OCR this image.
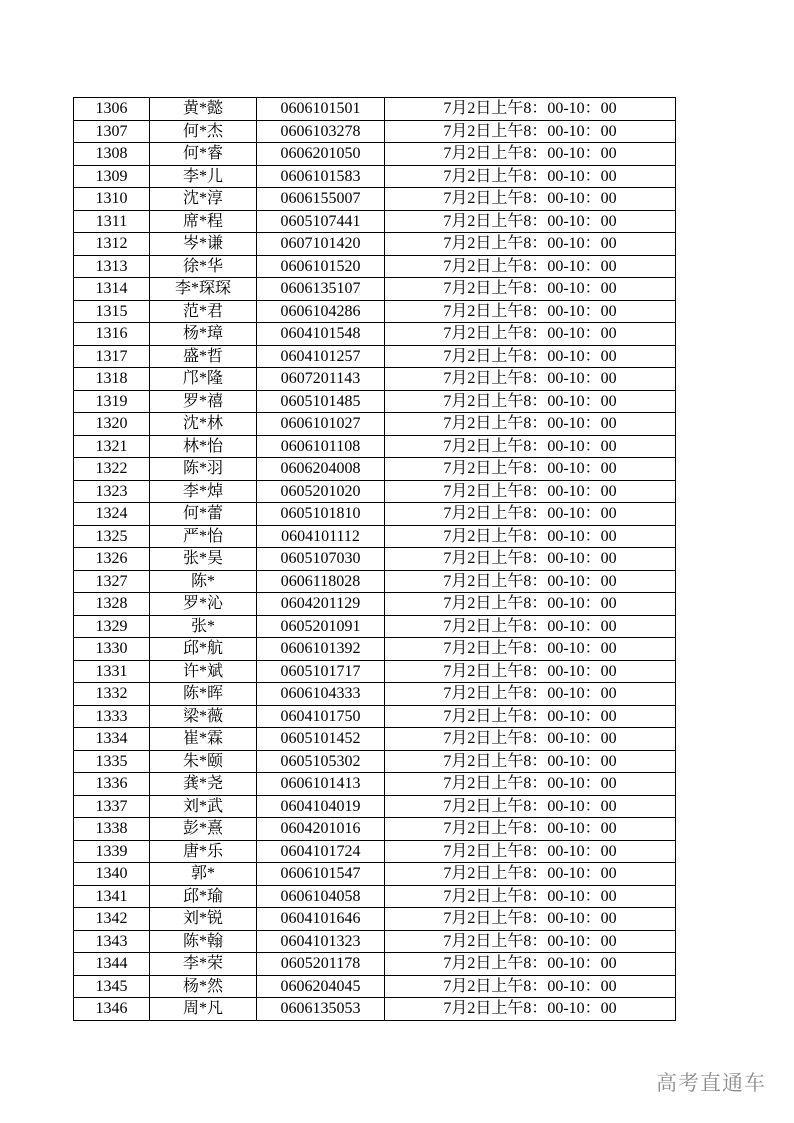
1306	黄*懿	0606101501	7月2日上午8：00-10：00
1307	何*杰	0606103278	7月2日上午8：00-10：00
1308	何*睿	0606201050	7月2日上午8：00-10：00
1309	李*儿	0606101583	7月2日上午8：00-10：00
1310	沈*淳	0606155007	7月2日上午8：00-10：00
1311	席*程	0605107441	7月2日上午8：00-10：00
1312	岑*谦	0607101420	7月2日上午8：00-10：00
1313	徐*华	0606101520	7月2日上午8：00-10：00
1314	李*琛琛	0606135107	7月2日上午8：00-10：00
1315	范*君	0606104286	7月2日上午8：00-10：00
1316	杨*璋	0604101548	7月2日上午8：00-10：00
1317	盛*哲	0604101257	7月2日上午8：00-10：00
1318	邝*隆	0607201143	7月2日上午8：00-10：00
1319	罗*禧	0605101485	7月2日上午8：00-10：00
1320	沈*林	0606101027	7月2日上午8：00-10：00
1321	林*怡	0606101108	7月2日上午8：00-10：00
1322	陈*羽	0606204008	7月2日上午8：00-10：00
1323	李*焯	0605201020	7月2日上午8：00-10：00
1324	何*蕾	0605101810	7月2日上午8：00-10：00
1325	严*怡	0604101112	7月2日上午8：00-10：00
1326	张*昊	0605107030	7月2日上午8：00-10：00
1327	陈*	0606118028	7月2日上午8：00-10：00
1328	罗*沁	0604201129	7月2日上午8：00-10：00
1329	张*	0605201091	7月2日上午8：00-10：00
1330	邱*航	0606101392	7月2日上午8：00-10：00
1331	许*斌	0605101717	7月2日上午8：00-10：00
1332	陈*晖	0606104333	7月2日上午8：00-10：00
1333	梁*薇	0604101750	7月2日上午8：00-10：00
1334	崔*霖	0605101452	7月2日上午8：00-10：00
1335	朱*颐	0605105302	7月2日上午8：00-10：00
1336	龚*尧	0606101413	7月2日上午8：00-10：00
1337	刘*武	0604104019	7月2日上午8：00-10：00
1338	彭*熹	0604201016	7月2日上午8：00-10：00
1339	唐*乐	0604101724	7月2日上午8：00-10：00
1340	郭*	0606101547	7月2日上午8：00-10：00
1341	邱*瑜	0606104058	7月2日上午8：00-10：00
1342	刘*锐	0604101646	7月2日上午8：00-10：00
1343	陈*翰	0604101323	7月2日上午8：00-10：00
1344	李*荣	0605201178	7月2日上午8：00-10：00
1345	杨*然	0606204045	7月2日上午8：00-10：00
1346	周*凡	0606135053	7月2日上午8：00-10：00
高考直通车
